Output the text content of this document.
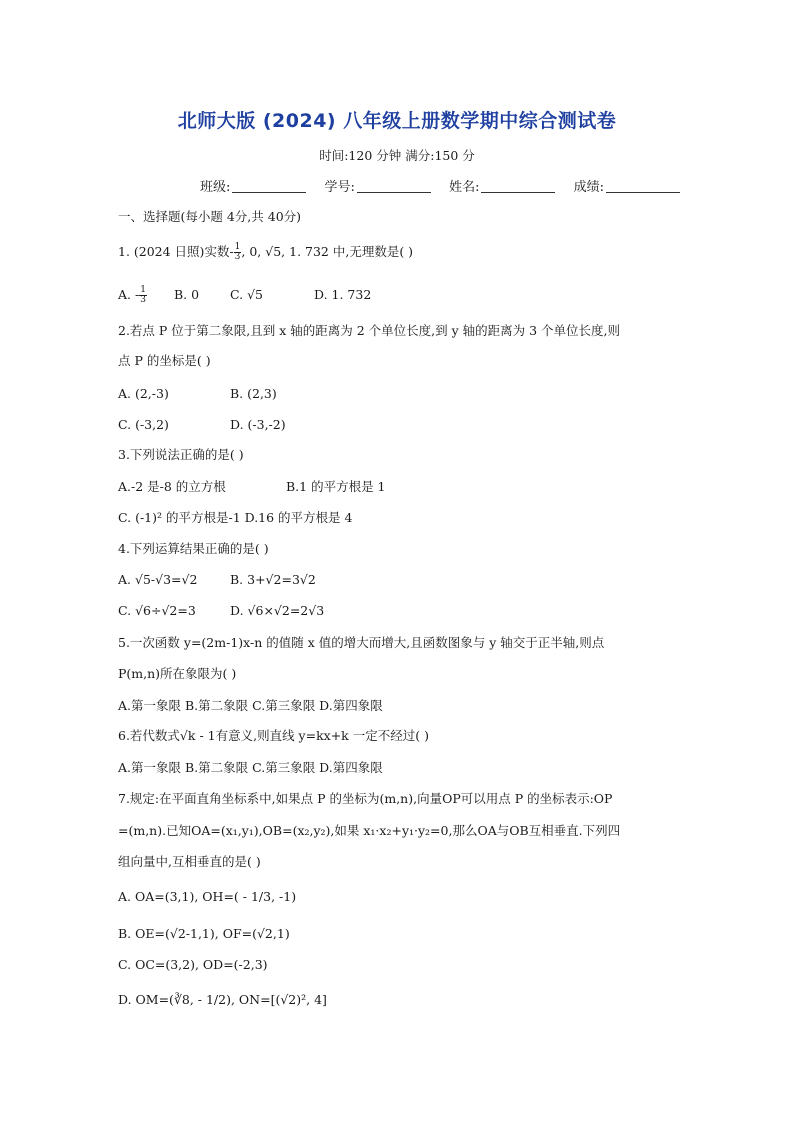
北师大版 (2024) 八年级上册数学期中综合测试卷
时间:120 分钟 满分:150 分
班级:	学号:	姓名:	成绩:
一、选择题(每小题 4分,共 40分)
1. (2024 日照)实数- $\frac{1}{3}$ , 0, √5, 1. 732 中,无理数是( )
A. - $\frac{1}{3} B$. 0 C. √5	D. 1. 732
2.若点 P 位于第二象限,且到 x 轴的距离为 2 个单位长度,到 y 轴的距离为 3 个单位长度,则
点 P 的坐标是( )
A. (2,-3)	B. (2,3)
C. (-3,2)	D. (-3,-2)
3.下列说法正确的是( )
A.-2 是-8 的立方根	B.1 的平方根是 1
C. (-1)² 的平方根是-1 D.16 的平方根是 4
4.下列运算结果正确的是( )
A. √5-√3=√2	B. 3+√2=3√2
C. √6÷√2=3	D. √6×√2=2√3
5.一次函数 y=(2m-1)x-n 的值随 x 值的增大而增大,且函数图象与 y 轴交于正半轴,则点
P(m,n)所在象限为( )
A.第一象限 B.第二象限 C.第三象限 D.第四象限
6.若代数式√k - 1有意义,则直线 y=kx+k 一定不经过( )
A.第一象限 B.第二象限 C.第三象限 D.第四象限
7.规定:在平面直角坐标系中,如果点 P 的坐标为(m,n),向量OP可以用点 P 的坐标表示:OP
=(m,n).已知OA=(x₁,y₁),OB=(x₂,y₂),如果 x₁·x₂+y₁·y₂=0,那么OA与OB互相垂直.下列四
组向量中,互相垂直的是( )
A. OA=(3,1), OH=( - 1/3, -1)
B. OE=(√2-1,1), OF=(√2,1)
C. OC=(3,2), OD=(-2,3)
D. OM=(∛8, - 1/2), ON=[(√2)², 4]
